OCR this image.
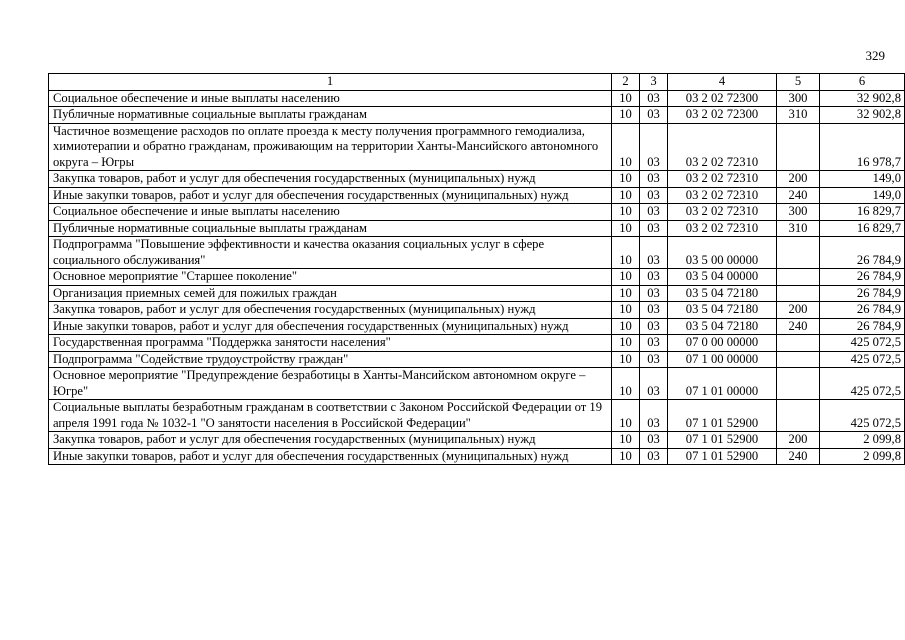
329
1	2	3	4	5	6
Социальное обеспечение и иные выплаты населению	10	03	03 2 02 72300	300	32 902,8
Публичные нормативные социальные выплаты гражданам	10	03	03 2 02 72300	310	32 902,8
Частичное возмещение расходов по оплате проезда к месту получения программного гемодиализа, химиотерапии и обратно гражданам, проживающим на территории Ханты-Мансийского автономного округа – Югры	10	03	03 2 02 72310		16 978,7
Закупка товаров, работ и услуг для обеспечения государственных (муниципальных) нужд	10	03	03 2 02 72310	200	149,0
Иные закупки товаров, работ и услуг для обеспечения государственных (муниципальных) нужд	10	03	03 2 02 72310	240	149,0
Социальное обеспечение и иные выплаты населению	10	03	03 2 02 72310	300	16 829,7
Публичные нормативные социальные выплаты гражданам	10	03	03 2 02 72310	310	16 829,7
Подпрограмма "Повышение эффективности и качества оказания социальных услуг в сфере социального обслуживания"	10	03	03 5 00 00000		26 784,9
Основное мероприятие "Старшее поколение"	10	03	03 5 04 00000		26 784,9
Организация приемных семей для пожилых граждан	10	03	03 5 04 72180		26 784,9
Закупка товаров, работ и услуг для обеспечения государственных (муниципальных) нужд	10	03	03 5 04 72180	200	26 784,9
Иные закупки товаров, работ и услуг для обеспечения государственных (муниципальных) нужд	10	03	03 5 04 72180	240	26 784,9
Государственная программа "Поддержка занятости населения"	10	03	07 0 00 00000		425 072,5
Подпрограмма "Содействие трудоустройству граждан"	10	03	07 1 00 00000		425 072,5
Основное мероприятие "Предупреждение безработицы в Ханты-Мансийском автономном округе – Югре"	10	03	07 1 01 00000		425 072,5
Социальные выплаты безработным гражданам в соответствии с Законом Российской Федерации от 19 апреля 1991 года № 1032-1 "О занятости населения в Российской Федерации"	10	03	07 1 01 52900		425 072,5
Закупка товаров, работ и услуг для обеспечения государственных (муниципальных) нужд	10	03	07 1 01 52900	200	2 099,8
Иные закупки товаров, работ и услуг для обеспечения государственных (муниципальных) нужд	10	03	07 1 01 52900	240	2 099,8
